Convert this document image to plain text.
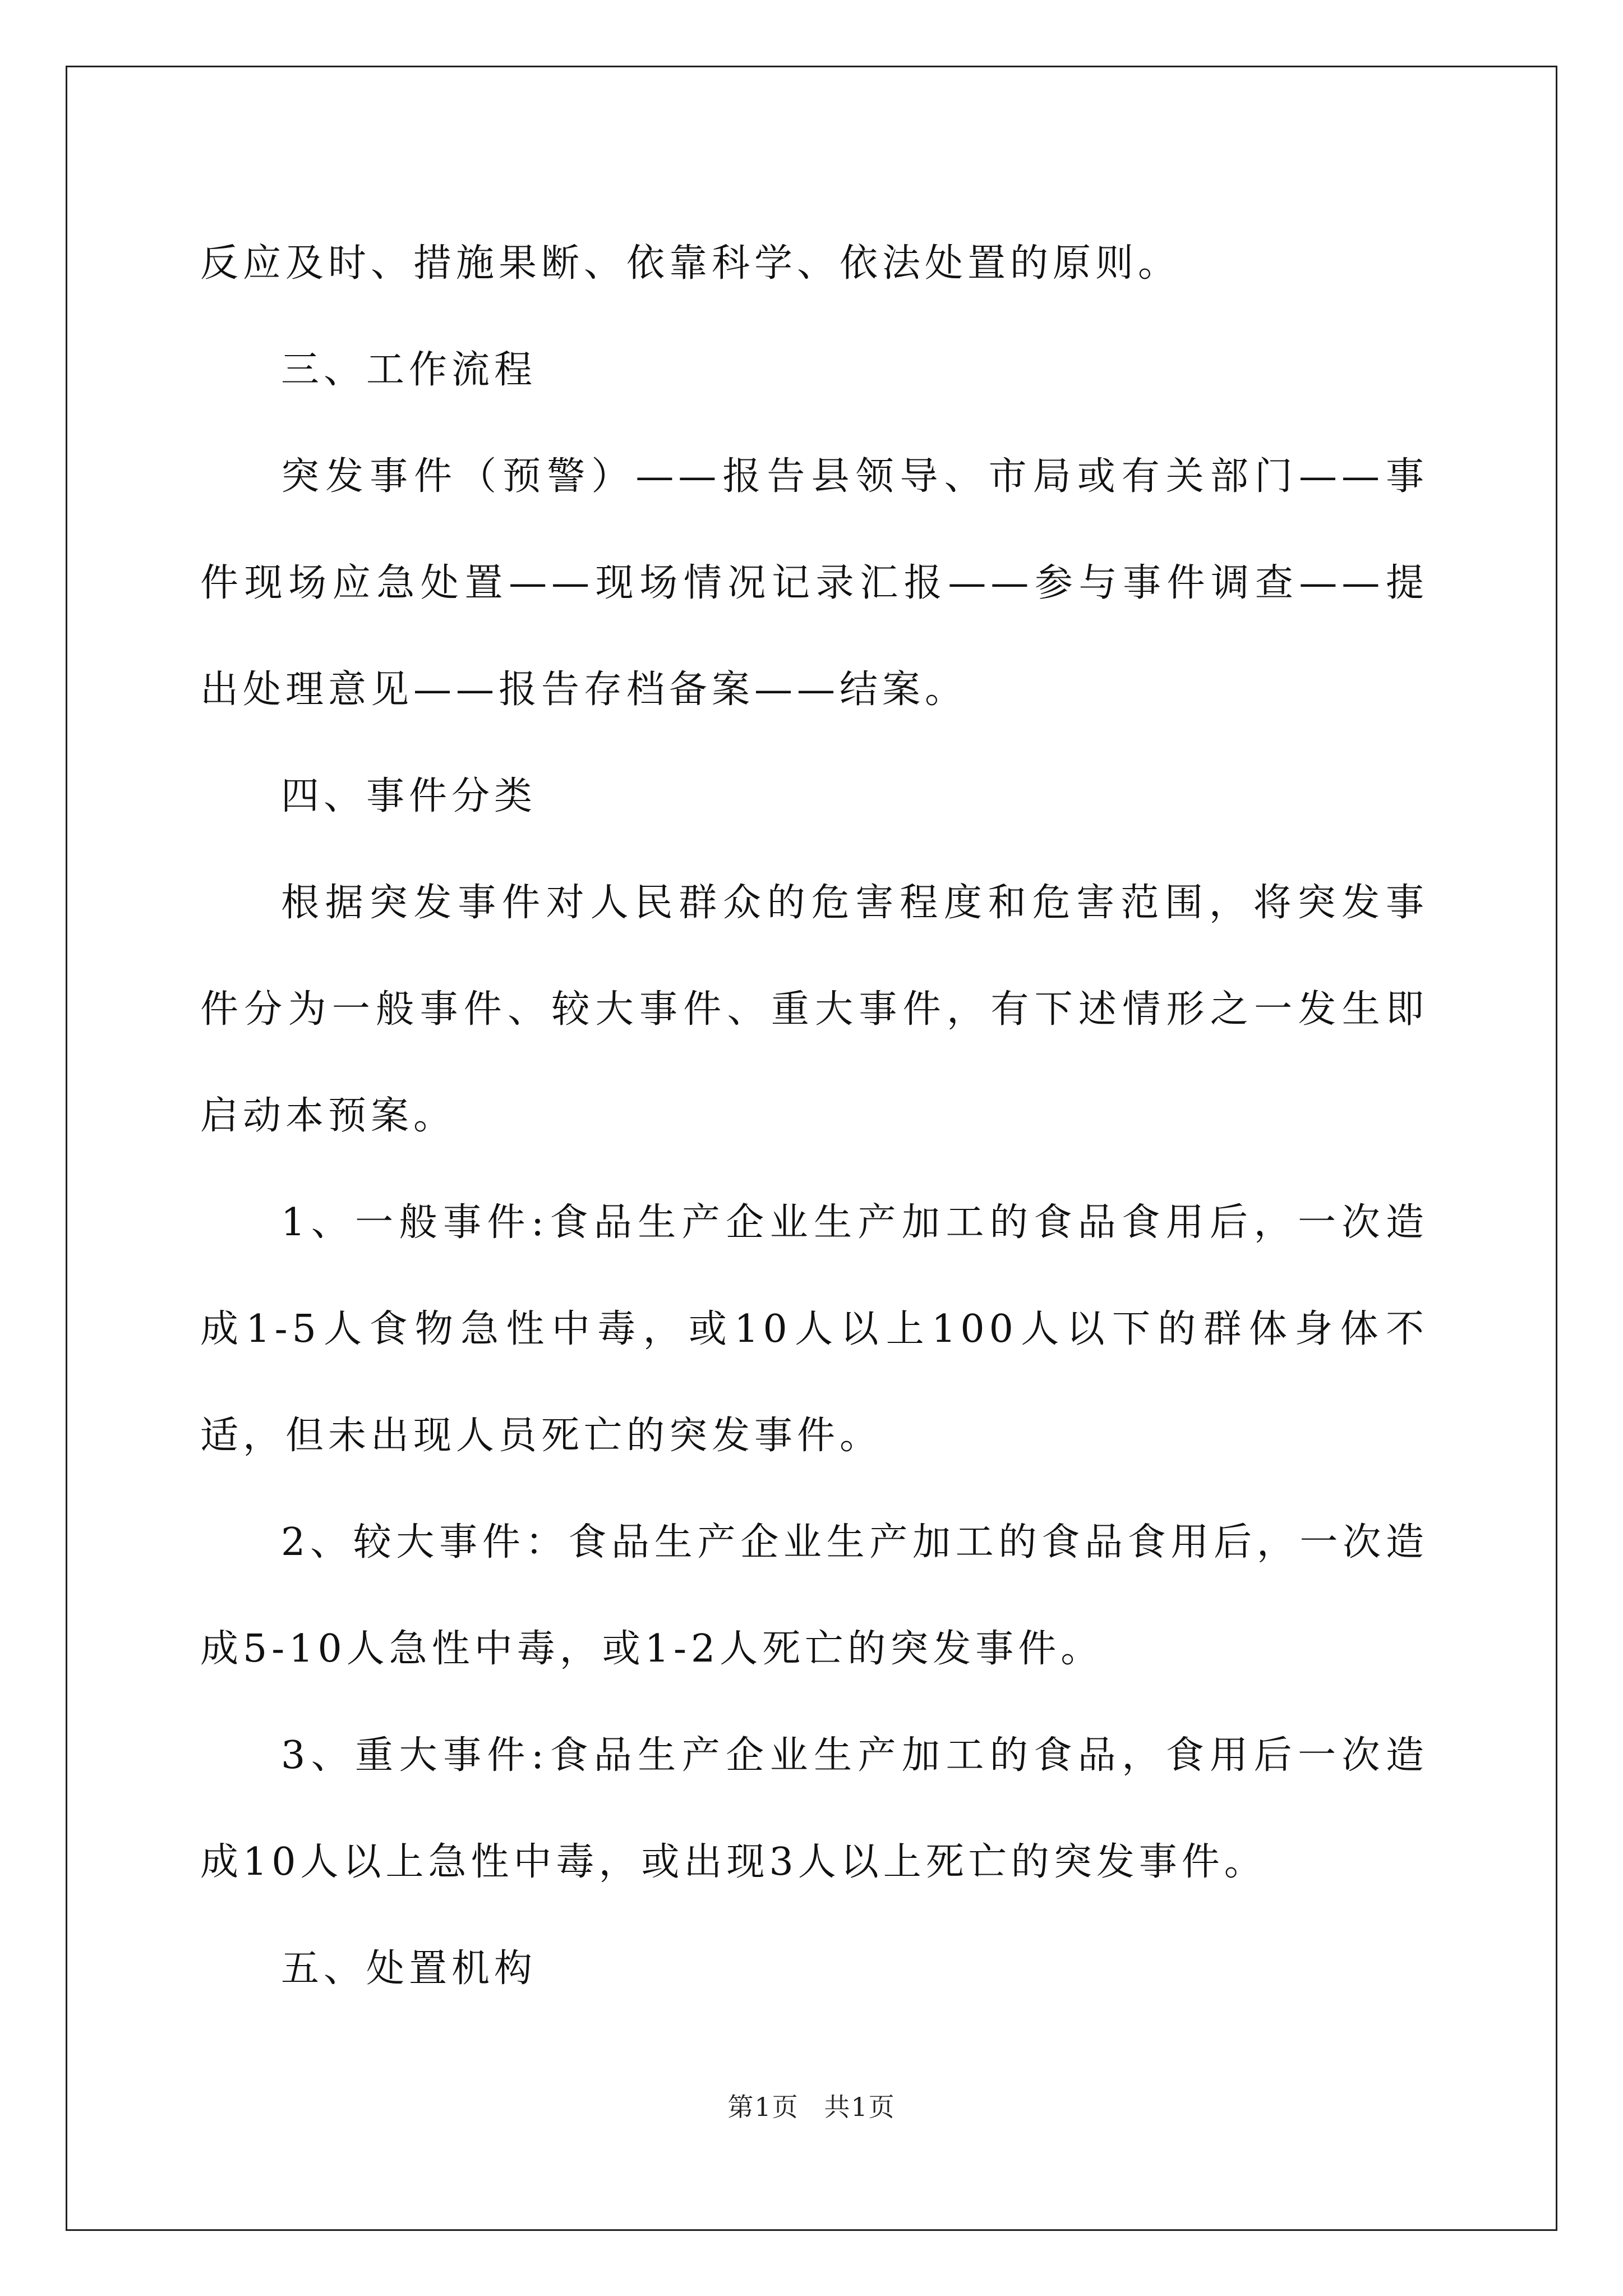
反应及时、措施果断、依靠科学、依法处置的原则。

三、工作流程

突发事件（预警）——报告县领导、市局或有关部门——事件现场应急处置——现场情况记录汇报——参与事件调查——提出处理意见——报告存档备案——结案。

四、事件分类

根据突发事件对人民群众的危害程度和危害范围，将突发事件分为一般事件、较大事件、重大事件，有下述情形之一发生即启动本预案。

1、一般事件:食品生产企业生产加工的食品食用后，一次造成1-5人食物急性中毒，或10人以上100人以下的群体身体不适，但未出现人员死亡的突发事件。

2、较大事件：食品生产企业生产加工的食品食用后，一次造成5-10人急性中毒，或1-2人死亡的突发事件。

3、重大事件:食品生产企业生产加工的食品，食用后一次造成10人以上急性中毒，或出现3人以上死亡的突发事件。

五、处置机构

第1页 共1页
